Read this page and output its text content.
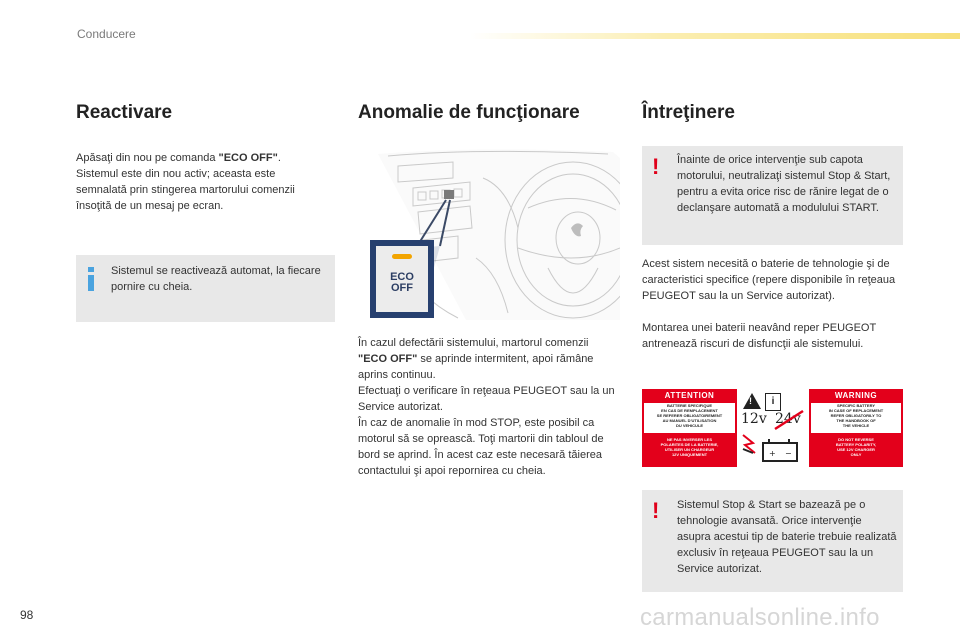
Conducere
Reactivare
Apăsaţi din nou pe comanda "ECO OFF". Sistemul este din nou activ; aceasta este semnalată prin stingerea martorului comenzii însoţită de un mesaj pe ecran.
Sistemul se reactivează automat, la fiecare pornire cu cheia.
Anomalie de funcţionare
ECO
OFF
În cazul defectării sistemului, martorul comenzii "ECO OFF" se aprinde intermitent, apoi rămâne aprins continuu.
Efectuaţi o verificare în reţeaua PEUGEOT sau la un Service autorizat.
În caz de anomalie în mod STOP, este posibil ca motorul să se oprească. Toţi martorii din tabloul de bord se aprind. În acest caz este necesară tăierea contactului şi apoi repornirea cu cheia.
Întreţinere
! Înainte de orice intervenţie sub capota motorului, neutralizaţi sistemul Stop & Start, pentru a evita orice risc de rănire legat de o declanşare automată a modulului START.
Acest sistem necesită o baterie de tehnologie şi de caracteristici specifice (repere disponibile în reţeaua PEUGEOT sau la un Service autorizat).
Montarea unei baterii neavând reper PEUGEOT antrenează riscuri de disfuncţii ale sistemului.
ATTENTION
BATTERIE SPECIFIQUE
EN CAS DE REMPLACEMENT
SE REFERER OBLIGATOIREMENT
AU MANUEL D'UTILISATION
DU VEHICULE
NE PAS INVERSER LES
POLARITES DE LA BATTERIE,
UTILISER UN CHARGEUR
12V UNIQUEMENT
!	i
12v 24v
+ −
WARNING
SPECIFIC BATTERY
IN CASE OF REPLACEMENT
REFER OBLIGATORILY TO
THE HANDBOOK OF
THE VEHICLE
DO NOT REVERSE
BATTERY POLARITY,
USE 12V CHARGER
ONLY
! Sistemul Stop & Start se bazează pe o tehnologie avansată. Orice intervenţie asupra acestui tip de baterie trebuie realizată exclusiv în reţeaua PEUGEOT sau la un Service autorizat.
98	carmanualsonline.info
